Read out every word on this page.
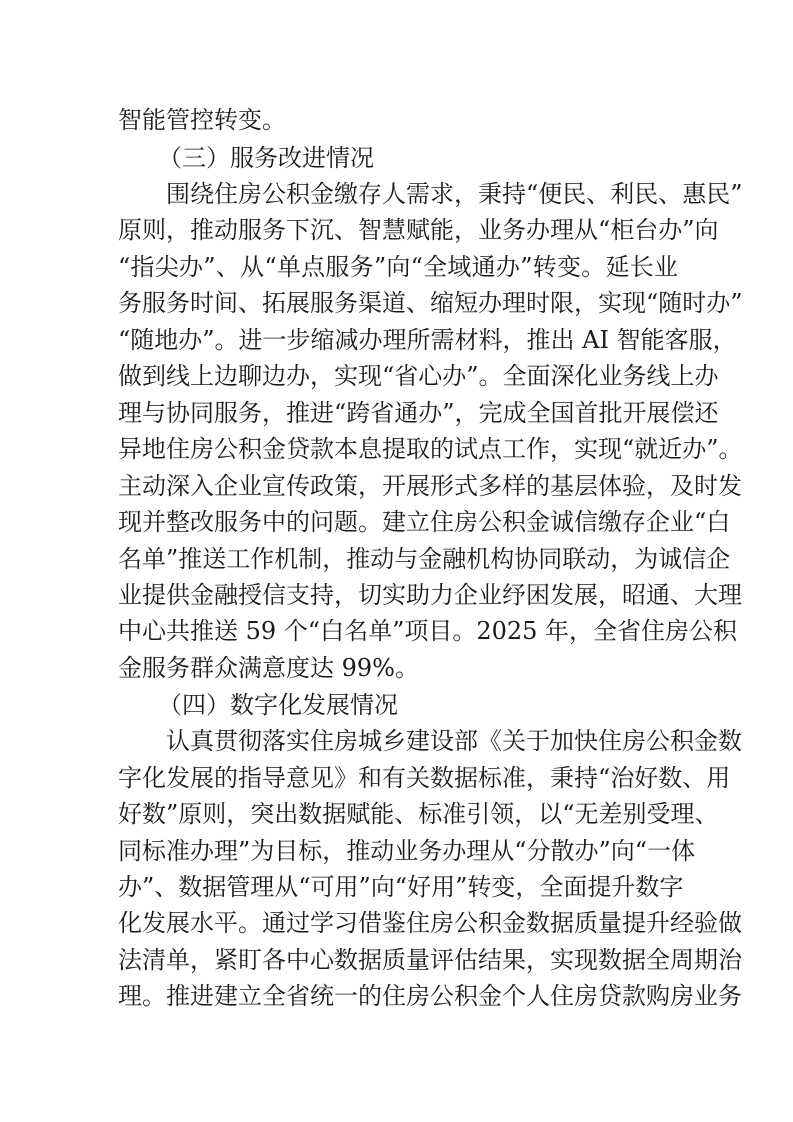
智能管控转变。
（三）服务改进情况
围绕住房公积金缴存人需求，秉持“便民、利民、惠民”
原则，推动服务下沉、智慧赋能，业务办理从“柜台办”向
“指尖办”、从“单点服务”向“全域通办”转变。延长业
务服务时间、拓展服务渠道、缩短办理时限，实现“随时办”
“随地办”。进一步缩减办理所需材料，推出 AI 智能客服，
做到线上边聊边办，实现“省心办”。全面深化业务线上办
理与协同服务，推进“跨省通办”，完成全国首批开展偿还
异地住房公积金贷款本息提取的试点工作，实现“就近办”。
主动深入企业宣传政策，开展形式多样的基层体验，及时发
现并整改服务中的问题。建立住房公积金诚信缴存企业“白
名单”推送工作机制，推动与金融机构协同联动，为诚信企
业提供金融授信支持，切实助力企业纾困发展，昭通、大理
中心共推送 59 个“白名单”项目。2025 年，全省住房公积
金服务群众满意度达 99%。
（四）数字化发展情况
认真贯彻落实住房城乡建设部《关于加快住房公积金数
字化发展的指导意见》和有关数据标准，秉持“治好数、用
好数”原则，突出数据赋能、标准引领，以“无差别受理、
同标准办理”为目标，推动业务办理从“分散办”向“一体
办”、数据管理从“可用”向“好用”转变，全面提升数字
化发展水平。通过学习借鉴住房公积金数据质量提升经验做
法清单，紧盯各中心数据质量评估结果，实现数据全周期治
理。推进建立全省统一的住房公积金个人住房贷款购房业务
